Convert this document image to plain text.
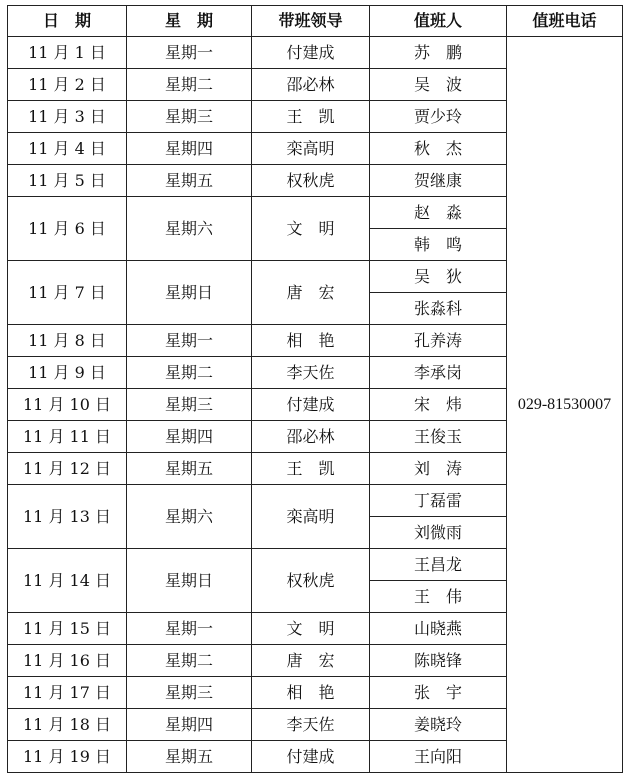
日　期	星　期	带班领导	值班人	值班电话
11 月 1 日	星期一	付建成	苏　鹏	029-81530007
11 月 2 日	星期二	邵必林	吴　波	
11 月 3 日	星期三	王　凯	贾少玲	
11 月 4 日	星期四	栾高明	秋　杰	
11 月 5 日	星期五	权秋虎	贺继康	
11 月 6 日	星期六	文　明	赵　淼	
			韩　鸣	
11 月 7 日	星期日	唐　宏	吴　狄	
			张淼科	
11 月 8 日	星期一	相　艳	孔养涛	
11 月 9 日	星期二	李天佐	李承岗	
11 月 10 日	星期三	付建成	宋　炜	
11 月 11 日	星期四	邵必林	王俊玉	
11 月 12 日	星期五	王　凯	刘　涛	
11 月 13 日	星期六	栾高明	丁磊雷	
			刘微雨	
11 月 14 日	星期日	权秋虎	王昌龙	
			王　伟	
11 月 15 日	星期一	文　明	山晓燕	
11 月 16 日	星期二	唐　宏	陈晓锋	
11 月 17 日	星期三	相　艳	张　宇	
11 月 18 日	星期四	李天佐	姜晓玲	
11 月 19 日	星期五	付建成	王向阳	
